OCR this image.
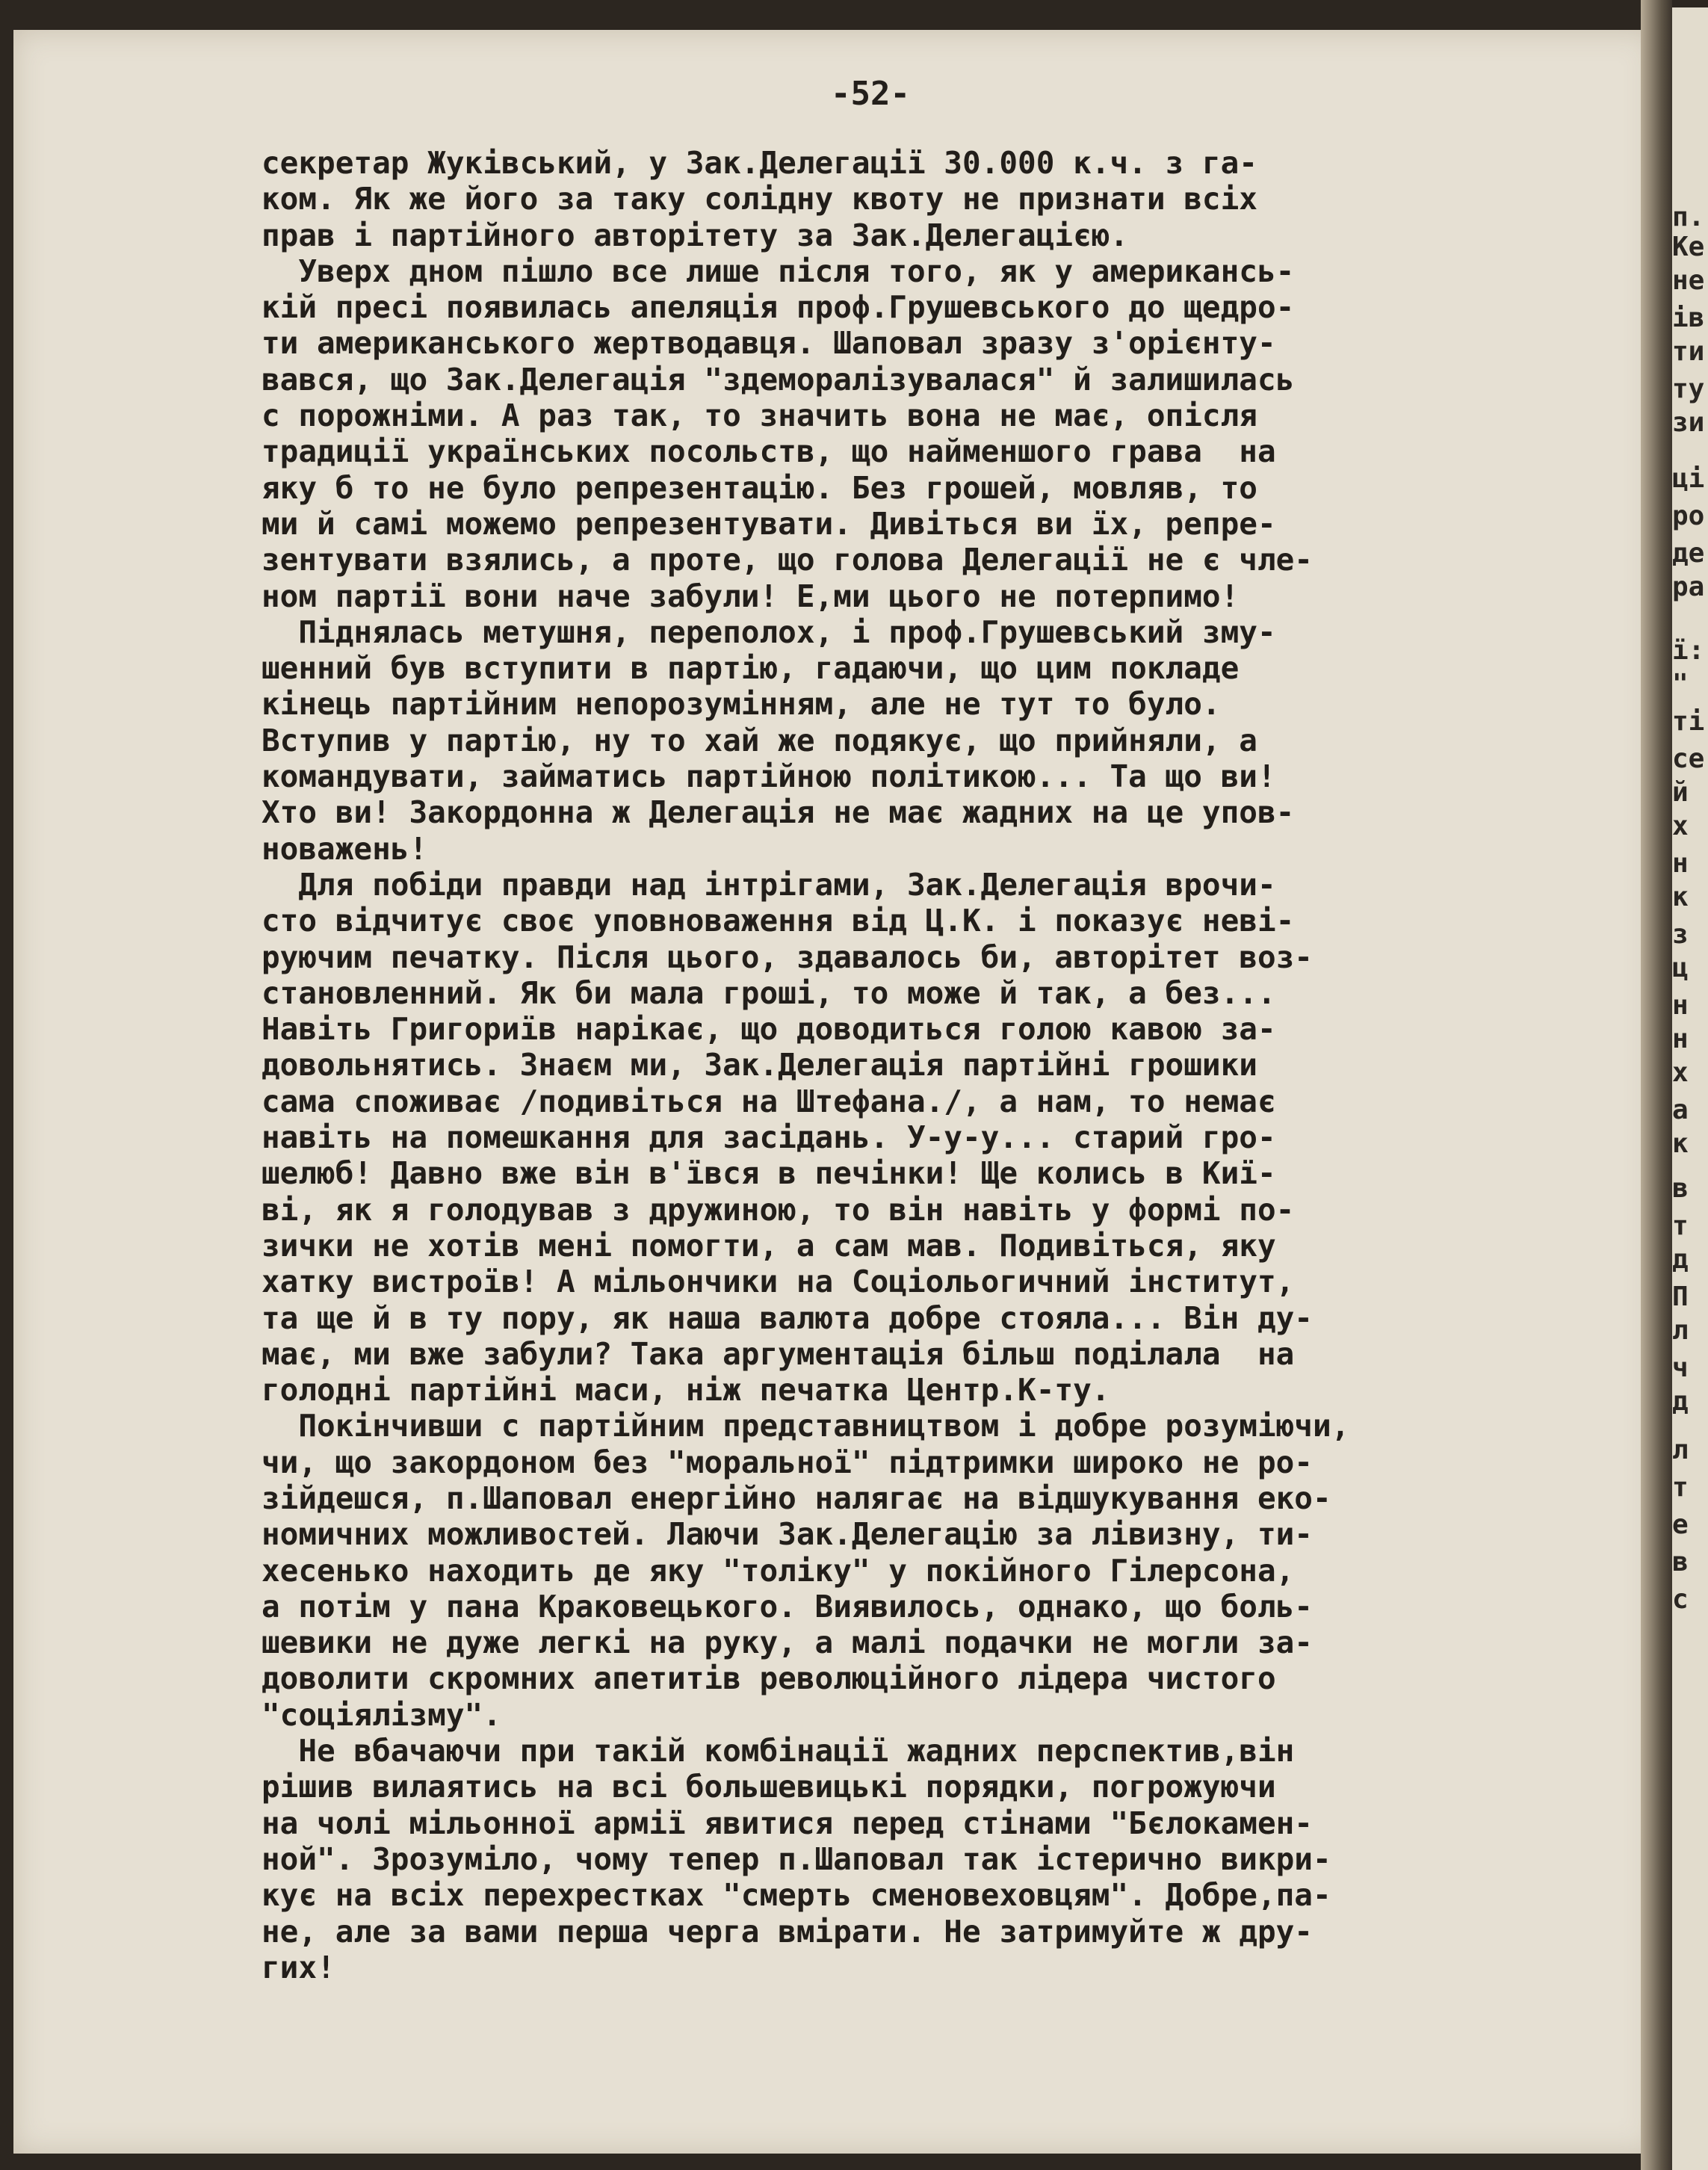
-52-
секретар Жуківський, у Зак.Делегації 30.000 к.ч. з га-
ком. Як же його за таку солідну квоту не признати всіх
прав і партійного авторітету за Зак.Делегацією.
Уверх дном пішло все лише після того, як у американсь-
кій пресі появилась апеляція проф.Грушевського до щедро-
ти американського жертводавця. Шаповал зразу з'орієнту-
вався, що Зак.Делегація "здеморалізувалася" й залишилась
с порожніми. А раз так, то значить вона не має, опісля
традиції українських посольств, що найменшого грава  на
яку б то не було репрезентацію. Без грошей, мовляв, то
ми й самі можемо репрезентувати. Дивіться ви їх, репре-
зентувати взялись, а проте, що голова Делегації не є чле-
ном партії вони наче забули! Е,ми цього не потерпимо!
Піднялась метушня, переполох, і проф.Грушевський зму-
шенний був вступити в партію, гадаючи, що цим покладе
кінець партійним непорозумінням, але не тут то було.
Вступив у партію, ну то хай же подякує, що прийняли, а
командувати, займатись партійною політикою... Та що ви!
Хто ви! Закордонна ж Делегація не має жадних на це упов-
новажень!
Для побіди правди над інтрігами, Зак.Делегація врочи-
сто відчитує своє уповноваження від Ц.К. і показує неві-
руючим печатку. Після цього, здавалось би, авторітет воз-
становленний. Як би мала гроші, то може й так, а без...
Навіть Григориїв нарікає, що доводиться голою кавою за-
довольнятись. Знаєм ми, Зак.Делегація партійні грошики
сама споживає /подивіться на Штефана./, а нам, то немає
навіть на помешкання для засідань. У-у-у... старий гро-
шелюб! Давно вже він в'ївся в печінки! Ще колись в Киї-
ві, як я голодував з дружиною, то він навіть у формі по-
зички не хотів мені помогти, а сам мав. Подивіться, яку
хатку вистроїв! А мільончики на Соціольогичний інститут,
та ще й в ту пору, як наша валюта добре стояла... Він ду-
має, ми вже забули? Така аргументація більш поділала  на
голодні партійні маси, ніж печатка Центр.К-ту.
Покінчивши с партійним представництвом і добре розуміючи,
чи, що закордоном без "моральної" підтримки широко не ро-
зійдешся, п.Шаповал енергійно налягає на відшукування еко-
номичних можливостей. Лаючи Зак.Делегацію за лівизну, ти-
хесенько находить де яку "толіку" у покійного Гілерсона,
а потім у пана Краковецького. Виявилось, однако, що боль-
шевики не дуже легкі на руку, а малі подачки не могли за-
доволити скромних апетитів революційного лідера чистого
"соціялізму".
Не вбачаючи при такій комбінації жадних перспектив,він
рішив вилаятись на всі большевицькі порядки, погрожуючи
на чолі мільонної армії явитися перед стінами "Бєлокамен-
ной". Зрозуміло, чому тепер п.Шаповал так істерично викри-
кує на всіх перехрестках "смерть сменовеховцям". Добре,па-
не, але за вами перша черга вмірати. Не затримуйте ж дру-
гих!
п.
Ке
не
ів
ти
ту
зи
ці
ро
де
ра
ї:
"
ті
се
й
х
н
к
з
ц
н
н
х
а
к
в
т
д
П
л
ч
д
л
т
е
в
с
